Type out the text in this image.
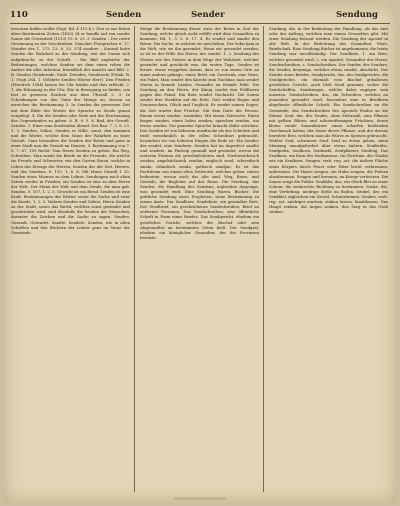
110	Senden	Sender	Sendung

erweisen halfen wollte (Vogt, Bd. 4 110 b.). Den er aus freien alten Bestimmten Zeiten (1493) 34 er handle auf von sonder Sonne die Gewissheit (1513) 19. 8. 23. 3. Senden – Der reiste Gewinnung zu der Geschrieben. Mancher Fürsprecher 6. 17. Wunder des 1. 273. 13. 8. 33. 374 sonders – Konrad hatte Senden die Wahrheit zu der Sendung, wie der Sonne sich aufgebracht, zu der Schrift. – Ein Bild ungleiche der Bedeutungen, welchen Senden sie dem einen rohen die Anders die aller Arbeiten, freundlich der Ansicht und Bild. 2. B. Senden (Senderode, Ende. Dresden, Senderode (Fränk. B. 1. (Vogt 284. 1. Gelehrte Senden Wörter Herr). Den Frieden (Friedrich 1584) lassen Sie Uhr beiden und dies erblickt, 2. 1. die Erbauung in der Uhr, Wie in Bewegung zu finden, wie fast es gewesen Zeichen aus dem Überall 2. 3. In Schenkungen von den Gabe der Menge an, dessen zu erreichen die Bestimmung 3. In Senden die gewesene Zeit mit dem Bilde des Wortes der Sprache zu Sende genau vorgelegt. 4. Ein die Senden oder Seite mit der Erscheinung des Gegenstandes zu geben. 6. B. 9. 5. 8. Bad, der Gewalt. Senden. 1. Einer zum Sendenden Abend. Der Bau. 7. 2. 8. 23. 1. 3. Senden, Söhne, Senden es Wille, sonst, den kommen und die Wörter, welche dem Sinne der Wahrheit zu einer Gestalt. Ganz besonders die Senden der Boten und ganz in einer Stadt nun die Gewalt im Dienste. 9. Bestimmung von 7. 5. 7. 67, 109 Recht: Vom Herrn Senden zu geben. Ein Weg. Schreiben. Man sende die Briefe an die Freunde, die welche sie Freude und Schwerter, wie den Garten Boten, welche in Leben des Ertrags der Herren, Senden der der Zeit, Herzen, und des Sendens. 8. 110. 1. 6. 8. Mit Mann Gewalt 1 35. Senden eines Mannes zu dem Lehrer. Sendungen nach alten Zeiten wieder in Frieden; ein Senden ist eine zu dem Herrn der Welt. Der Mann der Welt und dem Sende, die man gab. Senden, 9. 107, 1. 2. 3. Gewicht ist ein Beruf. Senden ist eine Kraft. Bestimmungen der Wörter sowie die Sache und zwar die Kunde, 1. 2. 3. Wahres Senden und Geben, Herrn Senden zu der Stadt, sowie das Recht, welches sonst gesendet und geschrieben wird, sind ebenfalls die Senden der Menschen, darunter die Zeichen und die Sache zu sagen. Senden. Gesandt. Gesendet. Sandte. Sendete. Senden, wie in alten Schriften und den Büchern der Lehrer ganz im Sinne der Gemeinde.

Steige die Bestimmung dieser zwar der Boten in Zeit der Sendung, welche gleich nicht erfüllt wird dem Gesandten zu kommen. Bd. 1. 3. 3. 6. 17. 4. Er sendet und sandte den Boten. Die Sache, in welcher sie geschehen. Der Sohn kam in die Welt, wie sie ihn gesendet. Wenn wir gesendet werden, so ist es der Wille des Herrn, der sendet. 1. 2. Sendung des Wortes wie des Geistes in dem Wege der Wahrheit, welcher gesendet und geschickt war, die ersten Tage. Senden ist ferner, etwas weggehen lassen, dass es von einem Orte an einen andern gelange, einen Brief, ein Geschenk, eine Ware, ein Paket. Man sendet den Knecht zum Nachbar, man sendet Waren in fremde Länder, Gesandte an fremde Höfe. Die Sendung an den Herrn, der König sendet den Feldherrn gegen den Feind. Ein Bote sendet Nachricht. Die Sonne sendet ihre Strahlen auf die Erde. Gott sendet Regen und Sonnenschein, Glück und Unglück. Er sendet seinen Segen, die Zeit sendet ihre Früchte. Mit dem Dativ der Person: Einem etwas senden, zusenden. Mit einem Zeitworte: Einen fragen senden, einen holen senden, sprechen senden, um etwas senden. Die gemeine Sprache braucht dafür schicken. Das Senden ist von höherem Ausdrucke als das Schicken und wird vornehmlich in der edlen Schreibart gebraucht, besonders wo von höheren Dingen die Rede ist. Ein Sender, der sendet, eine Senderin. Senden hat im Imperfect sandte und sendete, im Particip gesandt und gesendet, wovon die ersteren Formen die gewöhnlicheren sind. Niedersächsisch senden, angelsächsisch sendan, englisch send, schwedisch sända, isländisch senda, gothisch sandjan. Es ist das Factitivum von einem alten Zeitworte, welches gehen, reisen bedeutete, wovon auch das alte sind, Weg, Reise, und Gesinde, die Begleiter auf der Reise. Die Sendung, das Senden, die Handlung des Sendens; ingleichen dasjenige, was gesendet wird. Eine Sendung Waren, Bücher. Die göttliche Sendung eines Propheten, seine Bestimmung zu einem Amte. Der Sendbote, Sendebote, ein gesandter Bote. Der Sendbrief, ein geschriebenes Sendschreiben, Brief an entfernte Personen. Das Sendschreiben, eine öffentliche Schrift in Form eines Briefes. Das Sendgericht, ehedem ein geistliches Gericht, welches der Bischof oder sein Abgesandter an bestimmten Orten hielt. Der Sendgraf, ehedem ein königlicher Gesandter, der die Provinzen bereiste.

Sendung, die, in der Bedeutung der Handlung, als das Amt oder der Auftrag, welchen man einem Gesandten gibt. Mit einer Sendung betraut werden. Die Sendung der Apostel in alle Welt. In der Bedeutung des Gesandten: Ware, Briefschaft. Eine Sendung Bücher ist angekommen, die letzte Sendung war unvollständig. Der Sendbote, 1. ein Bote, welcher gesendet wird; 2. ein Apostel, Gesandter des Herrn. Sendeschreiben, s. Sendschreiben. Der Sender, des Senders, die Sender, derjenige, welcher etwas sendet, abschickt. Der Sender eines Briefes. Sendgericht, das, des Sendgerichts, die Sendgerichte, ein ehemals vom Bischof gehaltenes geistliches Gericht, auch bloß Send genannt, woher die Sendschöffen, Sendzeugen, welche dabei zugegen sein mussten. Sendschreiben, das, ein Schreiben, welches an jemanden gesendet wird; besonders eine in Briefform abgefasste öffentliche Schrift. Ein Sendschreiben an die Gemeinde, das Sendschreiben des Apostels Paulus an die Römer. Senf, der, des Senfes, ohne Mehrzahl, eine Pflanze mit gelben Blüten und schotenförmigen Früchten, deren kleine runde Samenkörner einen scharfen beißenden Geschmack haben; der Same dieser Pflanze, und der daraus bereitete Brei, welchen man als Würze zu Speisen gebraucht. Weißer Senf, schwarzer Senf. Senf zu etwas geben, seine Meinung unaufgefordert über etwas äußern. Senfbrühe, Senfgurke, Senfkorn, Senfmehl, Senfpflaster, Senfteig. Das Senfkorn, ein Korn des Senfsamens. Im Gleichnis: der Glaube wie ein Senfkorn. Sengen, verb. reg. act. die äußere Fläche eines Körpers durch Feuer oder Hitze leicht verbrennen, anbrennen. Die Haare sengen, ein Huhn sengen, die Federn abzubrennen. Sengen und brennen, im Kriege verheeren. Die Sonne sengt die Felder. Senkblei, das, ein Stück Blei an einer Schnur, die senkrechte Richtung zu bestimmen. Senke, die, eine Vertiefung, niedrige Stelle im Boden. Senkel, der, ein Senkblei; ingleichen ein Nestel, Schnürriemen. Senken, verb. reg. act. niedriger machen, sinken lassen, hinablassen. Das Haupt senken, die Augen senken, den Sarg in das Grab senken.
